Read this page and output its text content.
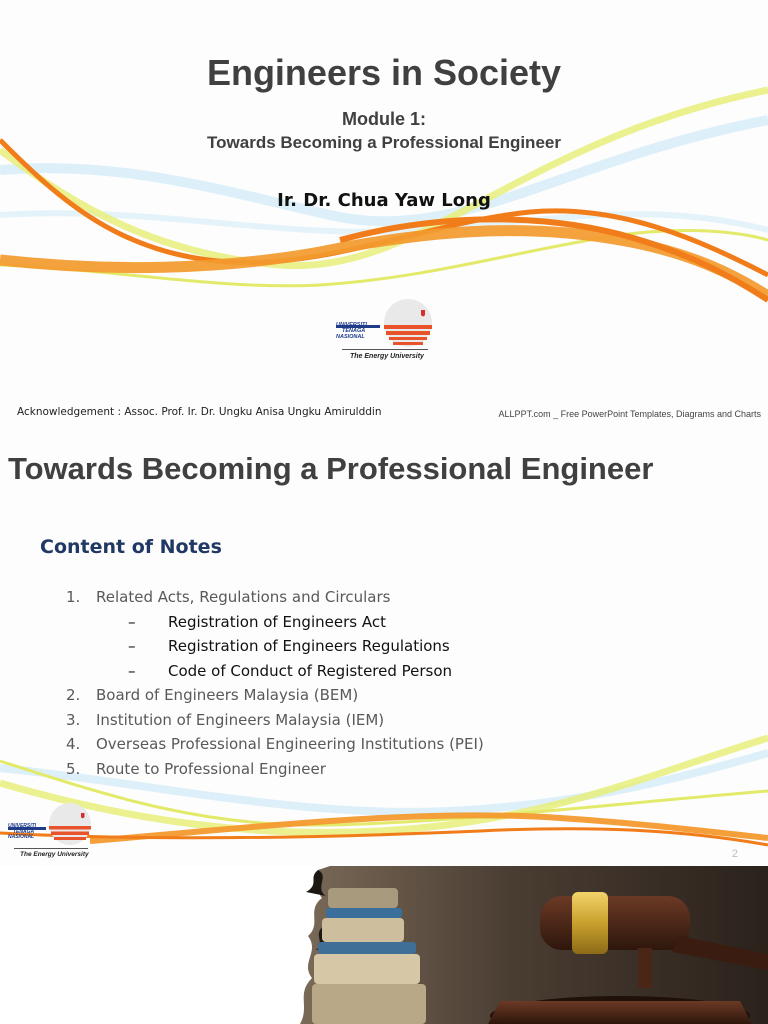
Engineers in Society
Module 1:
Towards Becoming a Professional Engineer
Ir. Dr. Chua Yaw Long
UNIVERSITI
TENAGA
NASIONAL
The Energy University
Acknowledgement : Assoc. Prof. Ir. Dr. Ungku Anisa Ungku Amirulddin	ALLPPT.com _ Free PowerPoint Templates, Diagrams and Charts
Towards Becoming a Professional Engineer
Content of Notes
1. Related Acts, Regulations and Circulars
– Registration of Engineers Act
– Registration of Engineers Regulations
– Code of Conduct of Registered Person
2. Board of Engineers Malaysia (BEM)
3. Institution of Engineers Malaysia (IEM)
4. Overseas Professional Engineering Institutions (PEI)
5. Route to Professional Engineer
UNIVERSITI
TENAGA
NASIONAL
The Energy University	2
